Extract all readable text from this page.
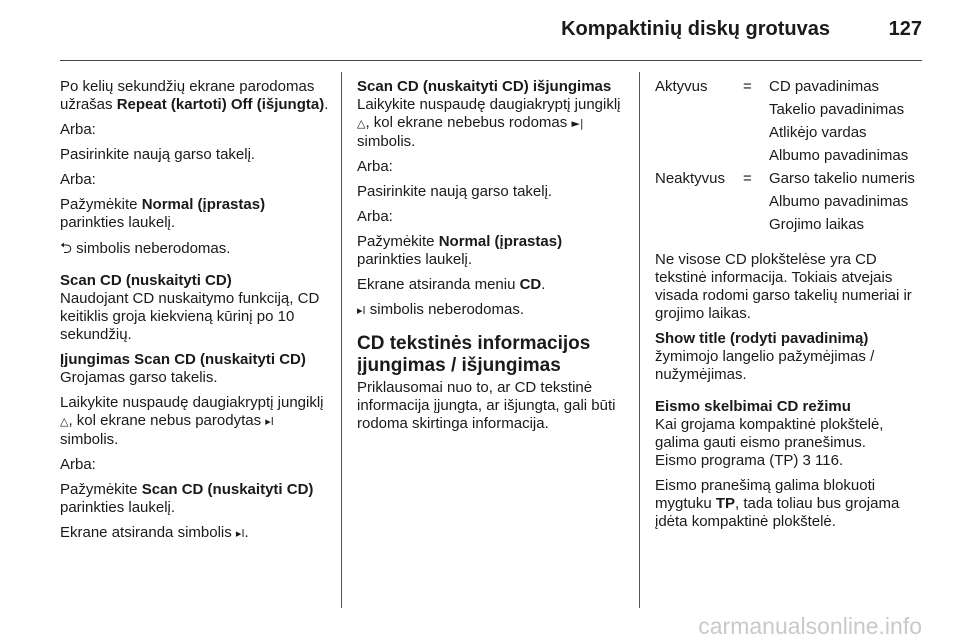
Kompaktinių diskų grotuvas	127

Po kelių sekundžių ekrane parodomas užrašas Repeat (kartoti) Off (išjungta).

Arba:

Pasirinkite naują garso takelį.

Arba:

Pažymėkite Normal (įprastas) parinkties laukelį.

⮌ simbolis neberodomas.

Scan CD (nuskaityti CD)

Naudojant CD nuskaitymo funkciją, CD keitiklis groja kiekvieną kūrinį po 10 sekundžių.

Įjungimas Scan CD (nuskaityti CD)

Grojamas garso takelis.

Laikykite nuspaudę daugiakryptį jungiklį △, kol ekrane nebus parodytas ▸l simbolis.

Arba:

Pažymėkite Scan CD (nuskaityti CD) parinkties laukelį.

Ekrane atsiranda simbolis ▸l.

Scan CD (nuskaityti CD) išjungimas

Laikykite nuspaudę daugiakryptį jungiklį △, kol ekrane nebebus rodomas ►| simbolis.

Arba:

Pasirinkite naują garso takelį.

Arba:

Pažymėkite Normal (įprastas) parinkties laukelį.

Ekrane atsiranda meniu CD.

▸l simbolis neberodomas.

CD tekstinės informacijos
įjungimas / išjungimas

Priklausomai nuo to, ar CD tekstinė informacija įjungta, ar išjungta, gali būti rodoma skirtinga informacija.

Aktyvus	=	CD pavadinimas
		Takelio pavadinimas
		Atlikėjo vardas
		Albumo pavadinimas
Neaktyvus	=	Garso takelio numeris
		Albumo pavadinimas
		Grojimo laikas

Ne visose CD plokštelėse yra CD tekstinė informacija. Tokiais atvejais visada rodomi garso takelių numeriai ir grojimo laikas.

Show title (rodyti pavadinimą)

žymimojo langelio pažymėjimas / nužymėjimas.

Eismo skelbimai CD režimu

Kai grojama kompaktinė plokštelė, galima gauti eismo pranešimus.

Eismo programa (TP) 3 116.

Eismo pranešimą galima blokuoti mygtuku TP, tada toliau bus grojama įdėta kompaktinė plokštelė.

carmanualsonline.info
